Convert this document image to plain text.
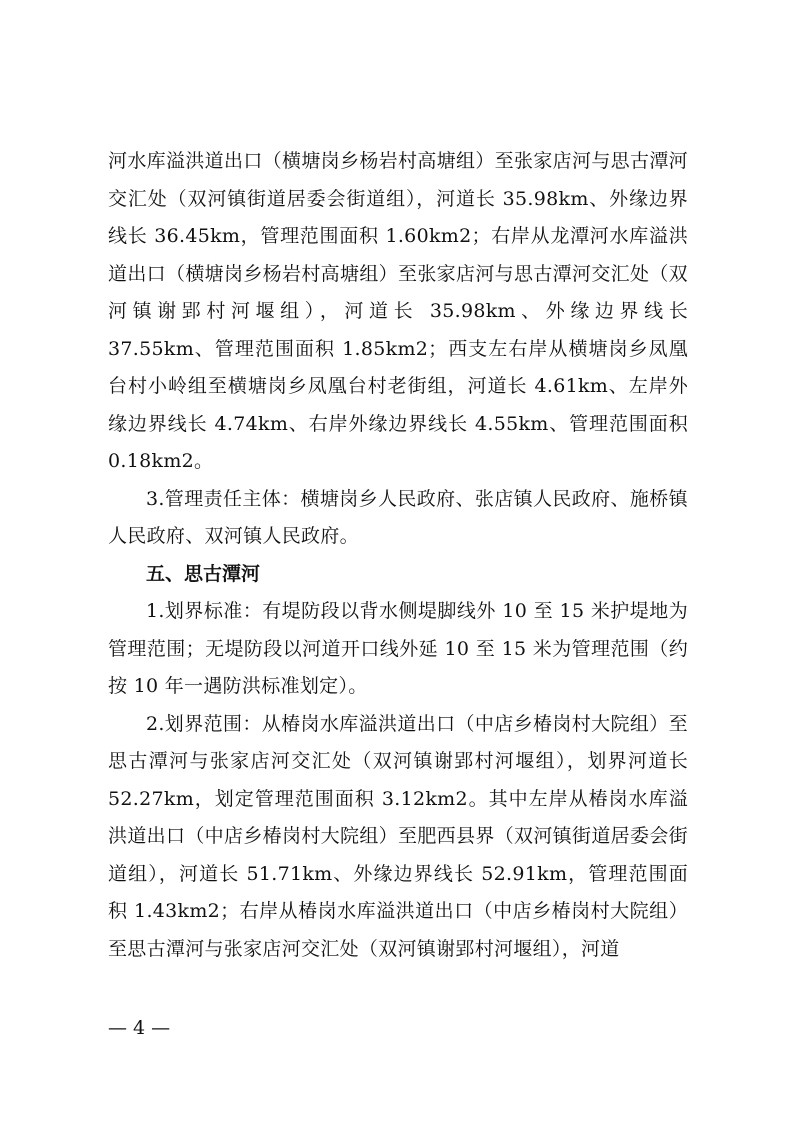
河水库溢洪道出口（横塘岗乡杨岩村高塘组）至张家店河与思古潭河交汇处（双河镇街道居委会街道组），河道长 35.98km、外缘边界线长 36.45km，管理范围面积 1.60km2；右岸从龙潭河水库溢洪道出口（横塘岗乡杨岩村高塘组）至张家店河与思古潭河交汇处（双河镇谢郢村河堰组），河道长 35.98km、外缘边界线长 37.55km、管理范围面积 1.85km2；西支左右岸从横塘岗乡凤凰台村小岭组至横塘岗乡凤凰台村老街组，河道长 4.61km、左岸外缘边界线长 4.74km、右岸外缘边界线长 4.55km、管理范围面积 0.18km2。

3.管理责任主体：横塘岗乡人民政府、张店镇人民政府、施桥镇人民政府、双河镇人民政府。

五、思古潭河

1.划界标准：有堤防段以背水侧堤脚线外 10 至 15 米护堤地为管理范围；无堤防段以河道开口线外延 10 至 15 米为管理范围（约按 10 年一遇防洪标准划定）。

2.划界范围：从椿岗水库溢洪道出口（中店乡椿岗村大院组）至思古潭河与张家店河交汇处（双河镇谢郢村河堰组），划界河道长 52.27km，划定管理范围面积 3.12km2。其中左岸从椿岗水库溢洪道出口（中店乡椿岗村大院组）至肥西县界（双河镇街道居委会街道组），河道长 51.71km、外缘边界线长 52.91km，管理范围面积 1.43km2；右岸从椿岗水库溢洪道出口（中店乡椿岗村大院组）至思古潭河与张家店河交汇处（双河镇谢郢村河堰组），河道

— 4 —
